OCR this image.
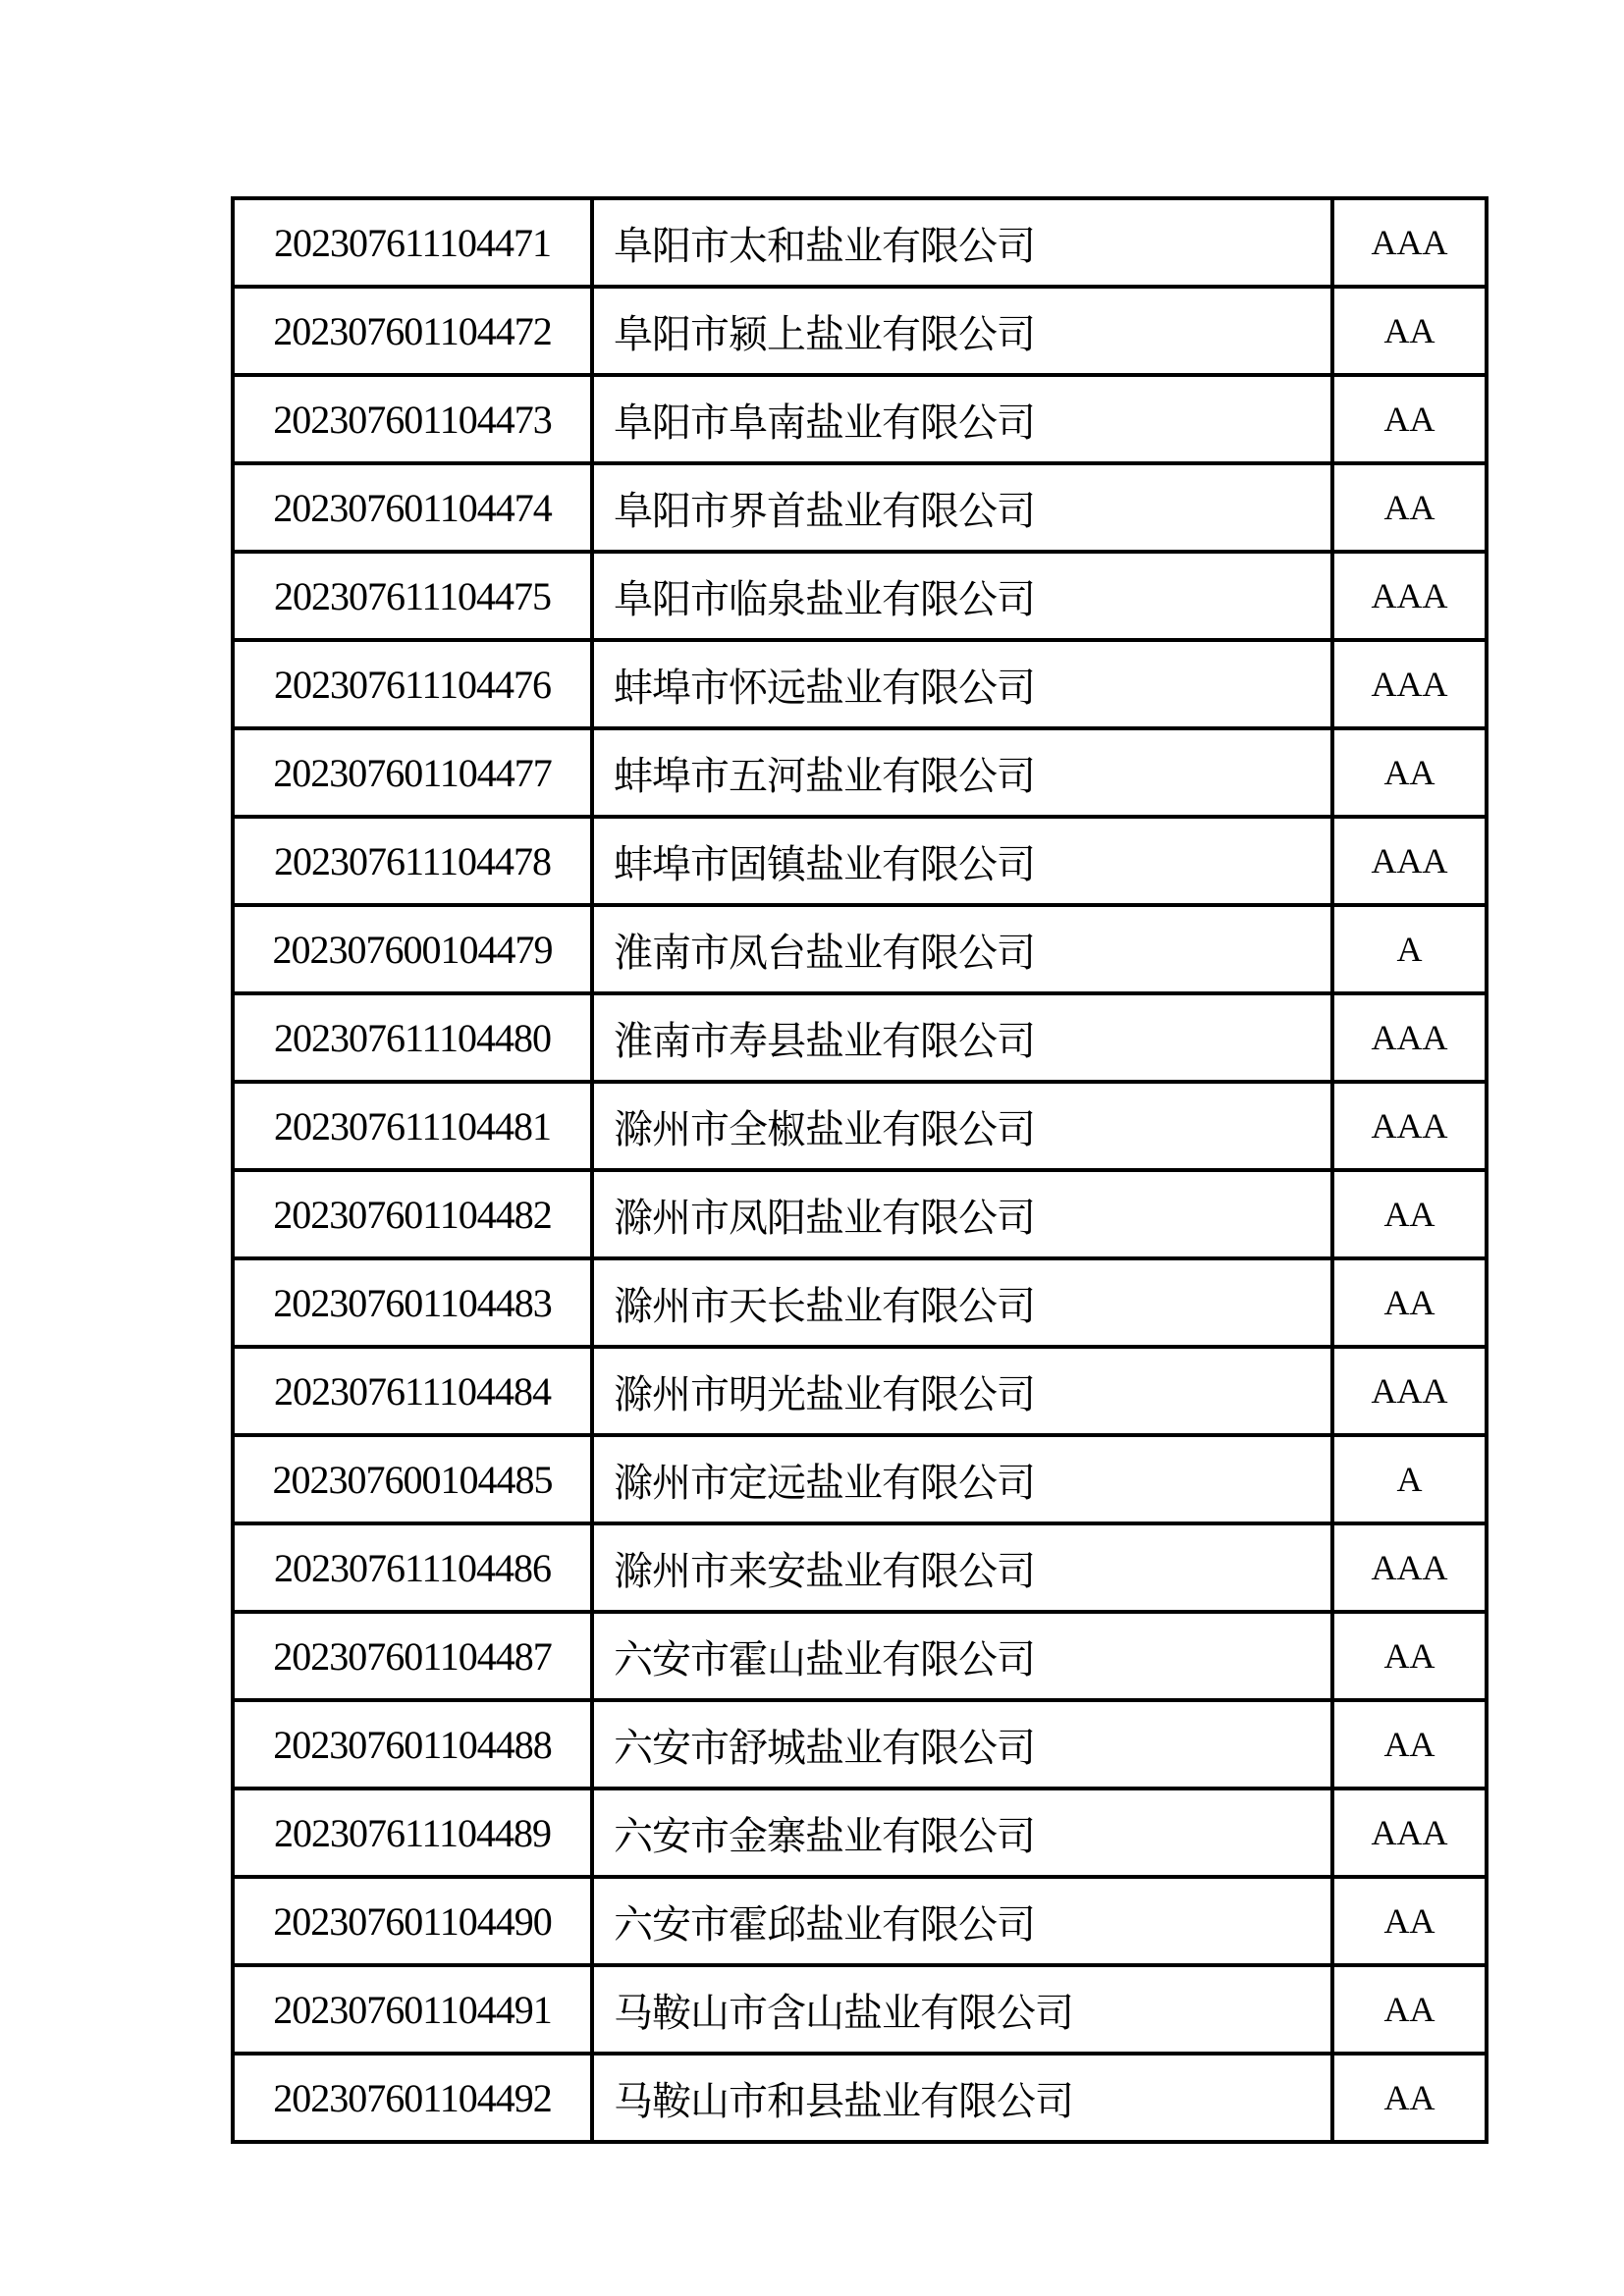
202307611104471	阜阳市太和盐业有限公司	AAA
202307601104472	阜阳市颍上盐业有限公司	AA
202307601104473	阜阳市阜南盐业有限公司	AA
202307601104474	阜阳市界首盐业有限公司	AA
202307611104475	阜阳市临泉盐业有限公司	AAA
202307611104476	蚌埠市怀远盐业有限公司	AAA
202307601104477	蚌埠市五河盐业有限公司	AA
202307611104478	蚌埠市固镇盐业有限公司	AAA
202307600104479	淮南市凤台盐业有限公司	A
202307611104480	淮南市寿县盐业有限公司	AAA
202307611104481	滁州市全椒盐业有限公司	AAA
202307601104482	滁州市凤阳盐业有限公司	AA
202307601104483	滁州市天长盐业有限公司	AA
202307611104484	滁州市明光盐业有限公司	AAA
202307600104485	滁州市定远盐业有限公司	A
202307611104486	滁州市来安盐业有限公司	AAA
202307601104487	六安市霍山盐业有限公司	AA
202307601104488	六安市舒城盐业有限公司	AA
202307611104489	六安市金寨盐业有限公司	AAA
202307601104490	六安市霍邱盐业有限公司	AA
202307601104491	马鞍山市含山盐业有限公司	AA
202307601104492	马鞍山市和县盐业有限公司	AA
